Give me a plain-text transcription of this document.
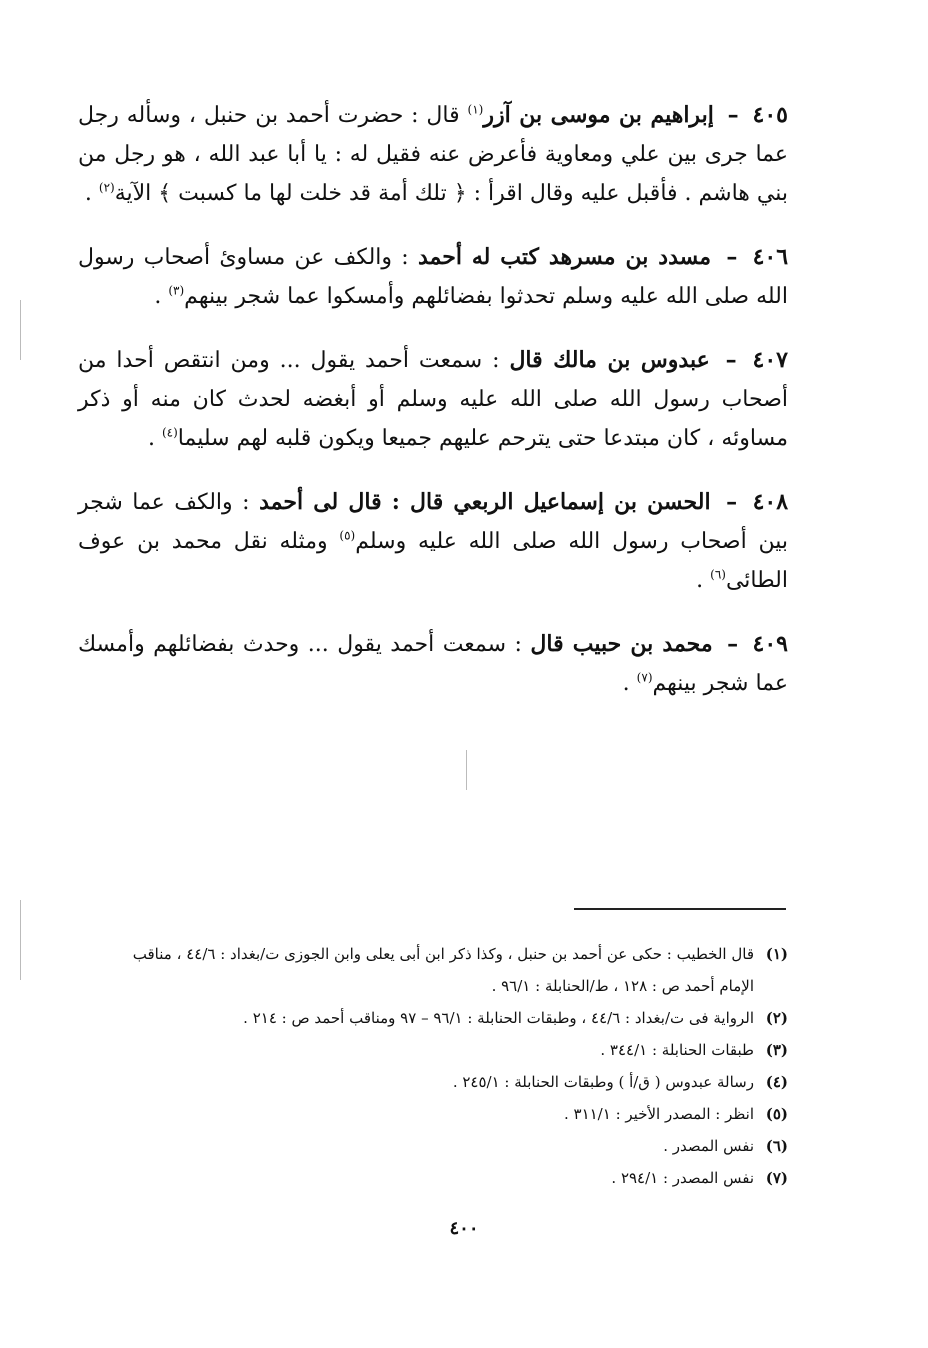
٤٠٥ – إبراهيم بن موسى بن آزر$^{(١)}$ قال : حضرت أحمد بن حنبل ، وسأله رجل عما جرى بين علي ومعاوية فأعرض عنه فقيل له : يا أبا عبد الله ، هو رجل من بني هاشم . فأقبل عليه وقال اقرأ : ﴿ تلك أمة قد خلت لها ما كسبت ﴾ الآية$^{(٢)}$ .

٤٠٦ – مسدد بن مسرهد كتب له أحمد : والكف عن مساوئ أصحاب رسول الله صلى الله عليه وسلم تحدثوا بفضائلهم وأمسكوا عما شجر بينهم$^{(٣)}$ .

٤٠٧ – عبدوس بن مالك قال : سمعت أحمد يقول ... ومن انتقص أحدا من أصحاب رسول الله صلى الله عليه وسلم أو أبغضه لحدث كان منه أو ذكر مساوئه ، كان مبتدعا حتى يترحم عليهم جميعا ويكون قلبه لهم سليما$^{(٤)}$ .

٤٠٨ – الحسن بن إسماعيل الربعي قال : قال لى أحمد : والكف عما شجر بين أصحاب رسول الله صلى الله عليه وسلم$^{(٥)}$ ومثله نقل محمد بن عوف الطائى$^{(٦)}$ .

٤٠٩ – محمد بن حبيب قال : سمعت أحمد يقول ... وحدث بفضائلهم وأمسك عما شجر بينهم$^{(٧)}$ .

(١)
قال الخطيب : حكى عن أحمد بن حنبل ، وكذا ذكر ابن أبى يعلى وابن الجوزى ت/بغداد : ٤٤/٦ ، مناقب الإمام أحمد ص : ١٢٨ ، ط/الحنابلة : ٩٦/١ .
(٢)
الرواية فى ت/بغداد : ٤٤/٦ ، وطبقات الحنابلة : ٩٦/١ – ٩٧ ومناقب أحمد ص : ٢١٤ .
(٣)
طبقات الحنابلة : ٣٤٤/١ .
(٤)
رسالة عبدوس ( ق/أ ) وطبقات الحنابلة : ٢٤٥/١ .
(٥)
انظر : المصدر الأخير : ٣١١/١ .
(٦)
نفس المصدر .
(٧)
نفس المصدر : ٢٩٤/١ .
٤٠٠
